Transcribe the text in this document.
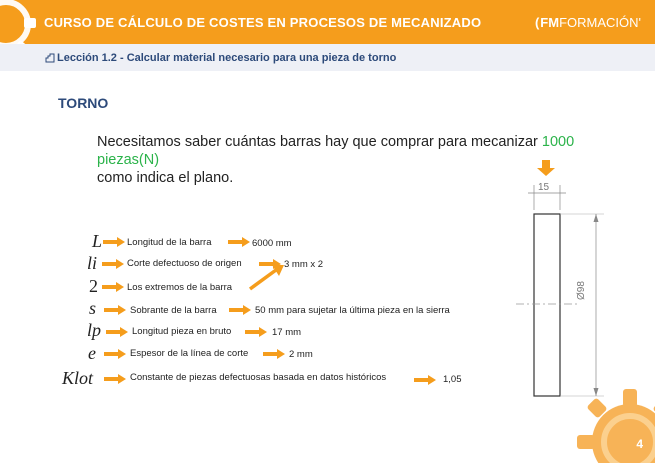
CURSO DE CÁLCULO DE COSTES EN PROCESOS DE MECANIZADO	(FMFORMACIÓN'
Lección 1.2 - Calcular material necesario para una pieza de torno
TORNO
Necesitamos saber cuántas barras hay que comprar para mecanizar 1000 piezas(N)
como indica el plano.
L	Longitud de la barra	6000 mm
li	Corte defectuoso de origen	3 mm x 2
2	Los extremos de la barra
s	Sobrante de la barra	50 mm para sujetar la última pieza en la sierra
lp	Longitud pieza en bruto	17 mm
e	Espesor de la línea de corte	2 mm
Klot	Constante de piezas defectuosas basada en datos históricos	1,05
15
Ø98
4
